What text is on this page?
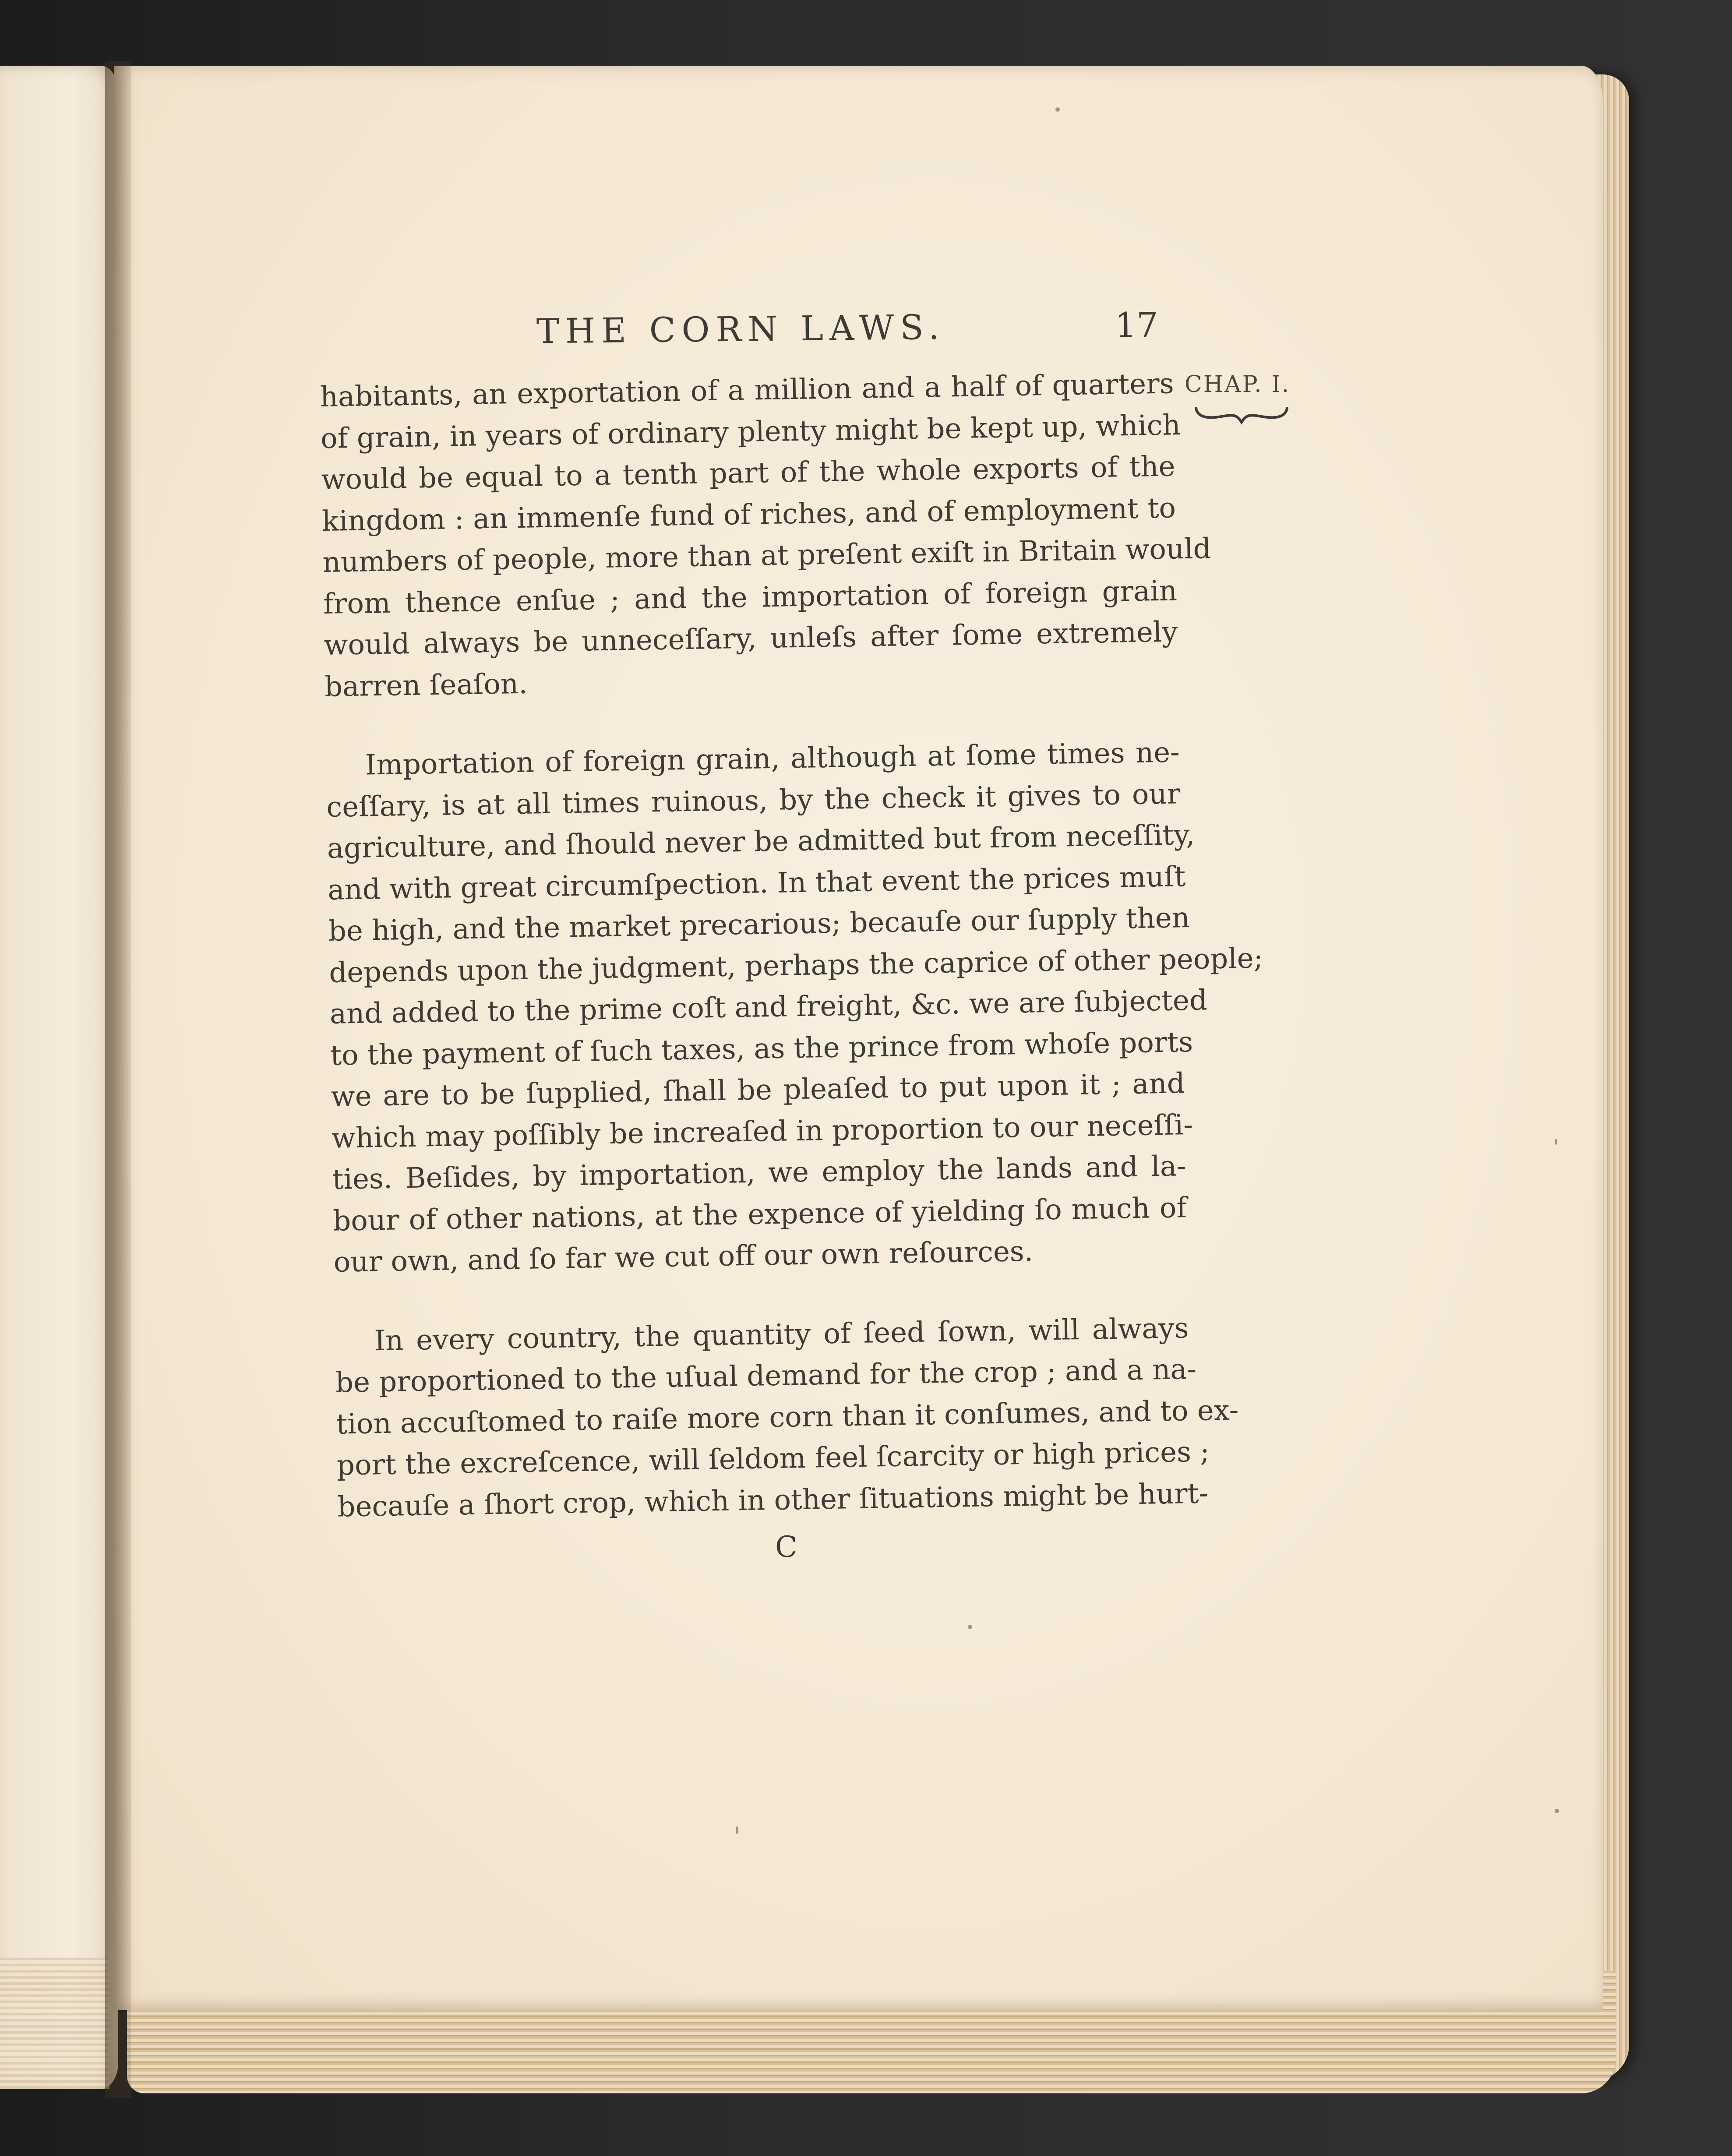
THE CORN LAWS.	17
CHAP. I.

habitants, an exportation of a million and a half of quarters
of grain, in years of ordinary plenty might be kept up, which
would be equal to a tenth part of the whole exports of the
kingdom : an immenſe fund of riches, and of employment to
numbers of people, more than at preſent exiſt in Britain would
from thence enſue ; and the importation of foreign grain
would always be unneceſſary, unleſs after ſome extremely
barren ſeaſon.

Importation of foreign grain, although at ſome times ne-
ceſſary, is at all times ruinous, by the check it gives to our
agriculture, and ſhould never be admitted but from neceſſity,
and with great circumſpection. In that event the prices muſt
be high, and the market precarious; becauſe our ſupply then
depends upon the judgment, perhaps the caprice of other people;
and added to the prime coſt and freight, &c. we are ſubjected
to the payment of ſuch taxes, as the prince from whoſe ports
we are to be ſupplied, ſhall be pleaſed to put upon it ; and
which may poſſibly be increaſed in proportion to our neceſſi-
ties. Beſides, by importation, we employ the lands and la-
bour of other nations, at the expence of yielding ſo much of
our own, and ſo far we cut off our own reſources.

In every country, the quantity of ſeed ſown, will always
be proportioned to the uſual demand for the crop ; and a na-
tion accuſtomed to raiſe more corn than it conſumes, and to ex-
port the excreſcence, will ſeldom feel ſcarcity or high prices ;
becauſe a ſhort crop, which in other ſituations might be hurt-

C
